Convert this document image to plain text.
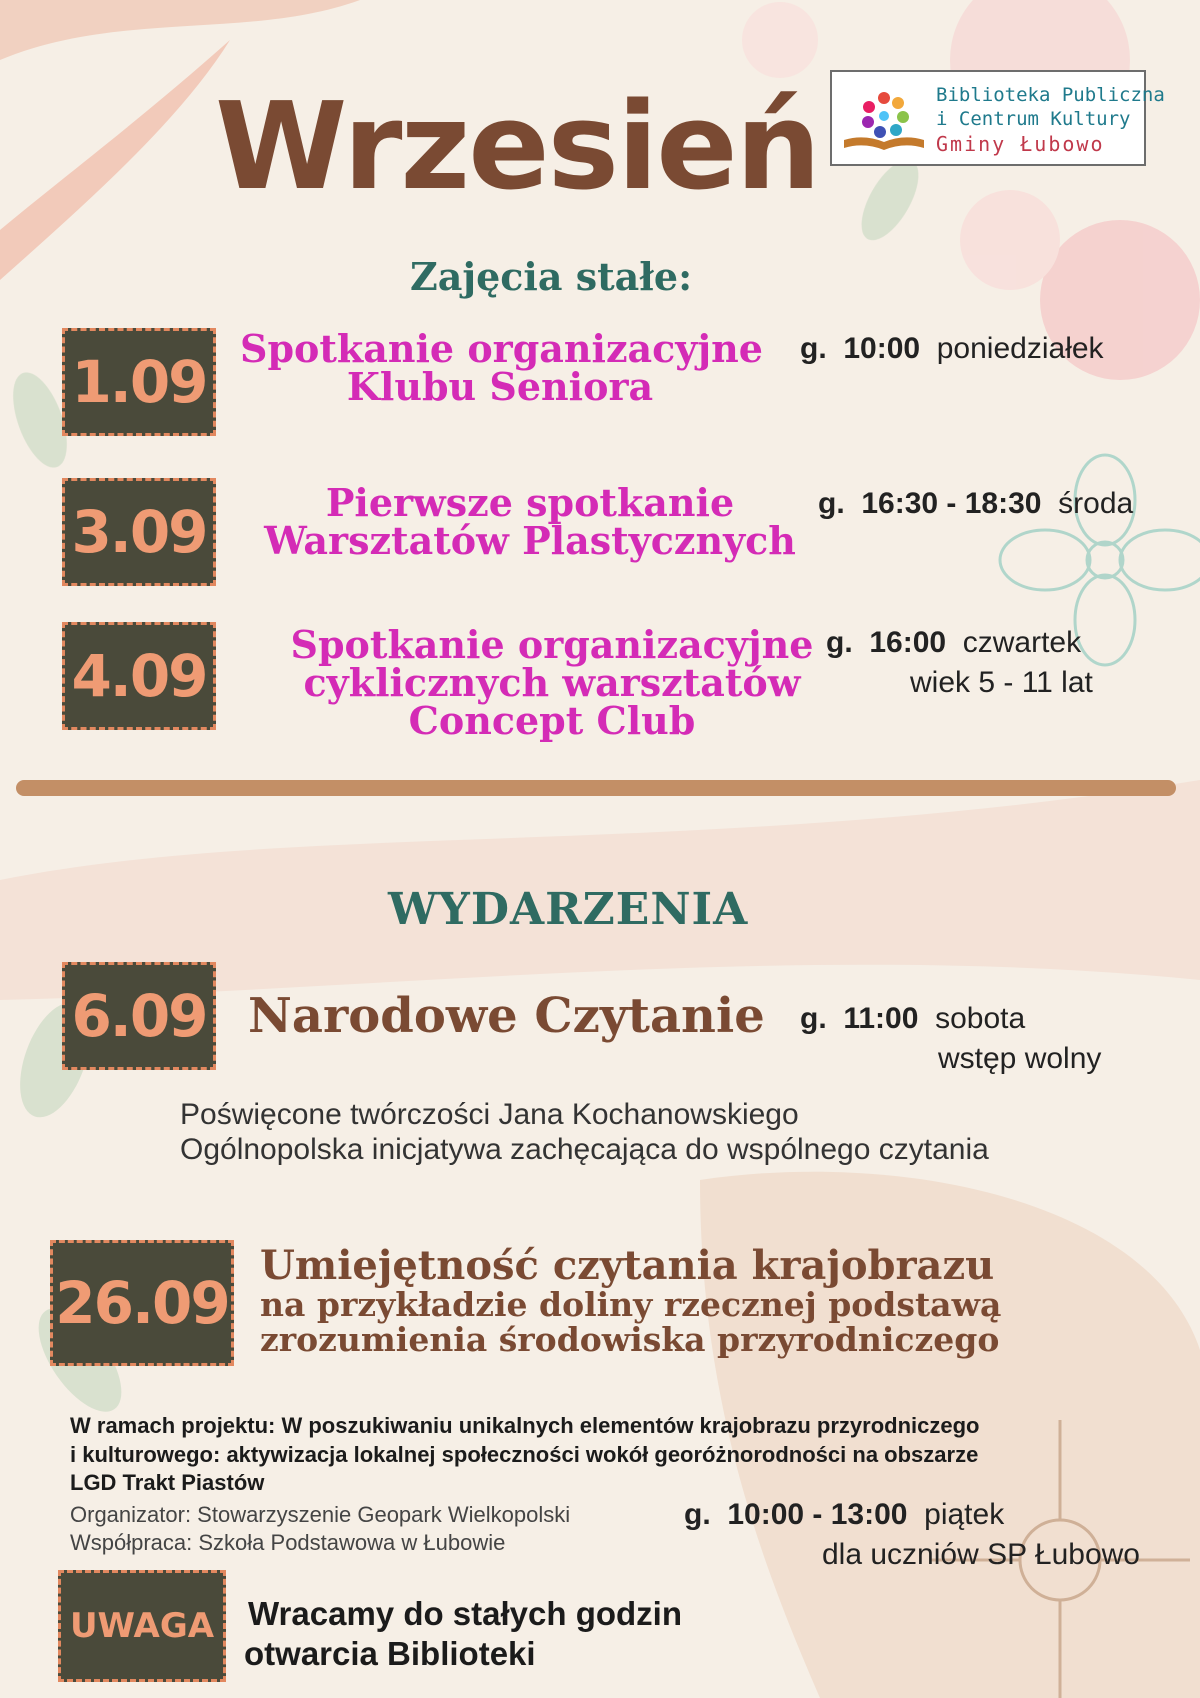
Wrzesień	Biblioteka Publiczna
i Centrum Kultury
Gminy Łubowo
Zajęcia stałe:
1.09 Spotkanie organizacyjne
Klubu Seniora
g. 10:00 poniedziałek
3.09	Pierwsze spotkanie
Warsztatów Plastycznych
g. 16:30 - 18:30 środa
4.09 Spotkanie organizacyjne
cyklicznych warsztatów
Concept Club
g. 16:00 czwartek
wiek 5 - 11 lat
WYDARZENIA
6.09 Narodowe Czytanie g. 11:00 sobota
wstęp wolny
Poświęcone twórczości Jana Kochanowskiego
Ogólnopolska inicjatywa zachęcająca do wspólnego czytania
26.09
Umiejętność czytania krajobrazu
na przykładzie doliny rzecznej podstawą
zrozumienia środowiska przyrodniczego
W ramach projektu: W poszukiwaniu unikalnych elementów krajobrazu przyrodniczego
i kulturowego: aktywizacja lokalnej społeczności wokół georóżnorodności na obszarze
LGD Trakt Piastów
Organizator: Stowarzyszenie Geopark Wielkopolski
Współpraca: Szkoła Podstawowa w Łubowie
g. 10:00 - 13:00 piątek
dla uczniów SP Łubowo
UWAGA Wracamy do stałych godzin
otwarcia Biblioteki
